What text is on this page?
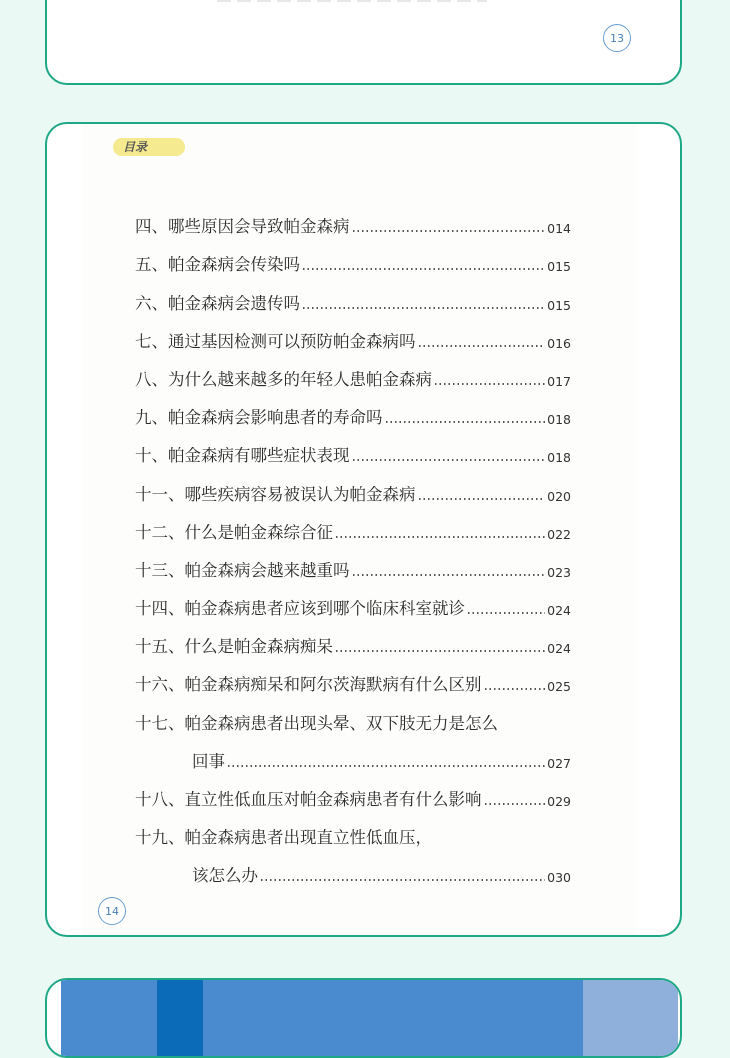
13
目录
四、哪些原因会导致帕金森病	014
五、帕金森病会传染吗	015
六、帕金森病会遗传吗	015
七、通过基因检测可以预防帕金森病吗	016
八、为什么越来越多的年轻人患帕金森病	017
九、帕金森病会影响患者的寿命吗	018
十、帕金森病有哪些症状表现	018
十一、哪些疾病容易被误认为帕金森病	020
十二、什么是帕金森综合征	022
十三、帕金森病会越来越重吗	023
十四、帕金森病患者应该到哪个临床科室就诊	024
十五、什么是帕金森病痴呆	024
十六、帕金森病痴呆和阿尔茨海默病有什么区别	025
十七、帕金森病患者出现头晕、双下肢无力是怎么
回事	027
十八、直立性低血压对帕金森病患者有什么影响	029
十九、帕金森病患者出现直立性低血压，
该怎么办	030
14
